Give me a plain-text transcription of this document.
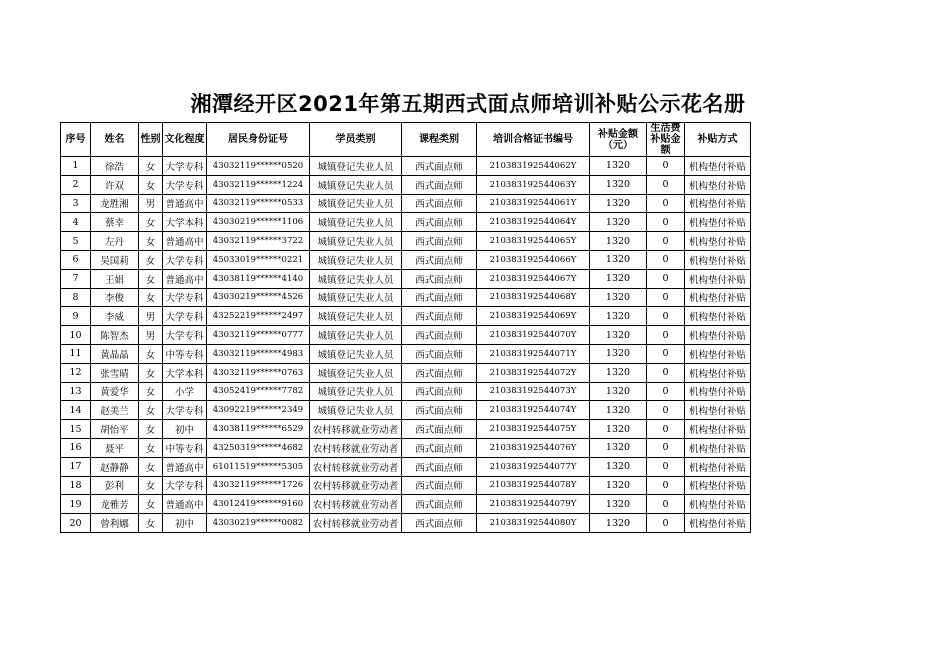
湘潭经开区2021年第五期西式面点师培训补贴公示花名册
序号	姓名	性别	文化程度	居民身份证号	学员类别	课程类别	培训合格证书编号	补贴金额（元）	生活费补贴金额	补贴方式
1	徐浩	女	大学专科	43032119******0520	城镇登记失业人员	西式面点师	210383192544062Y	1320	0	机构垫付补贴
2	许双	女	大学专科	43032119******1224	城镇登记失业人员	西式面点师	210383192544063Y	1320	0	机构垫付补贴
3	龙胜湘	男	普通高中	43032119******0533	城镇登记失业人员	西式面点师	210383192544061Y	1320	0	机构垫付补贴
4	蔡幸	女	大学本科	43030219******1106	城镇登记失业人员	西式面点师	210383192544064Y	1320	0	机构垫付补贴
5	左丹	女	普通高中	43032119******3722	城镇登记失业人员	西式面点师	210383192544065Y	1320	0	机构垫付补贴
6	吴国莉	女	大学专科	45033019******0221	城镇登记失业人员	西式面点师	210383192544066Y	1320	0	机构垫付补贴
7	王娟	女	普通高中	43038119******4140	城镇登记失业人员	西式面点师	210383192544067Y	1320	0	机构垫付补贴
8	李俊	女	大学专科	43030219******4526	城镇登记失业人员	西式面点师	210383192544068Y	1320	0	机构垫付补贴
9	李威	男	大学专科	43252219******2497	城镇登记失业人员	西式面点师	210383192544069Y	1320	0	机构垫付补贴
10	陈智杰	男	大学专科	43032119******0777	城镇登记失业人员	西式面点师	210383192544070Y	1320	0	机构垫付补贴
11	黄晶晶	女	中等专科	43032119******4983	城镇登记失业人员	西式面点师	210383192544071Y	1320	0	机构垫付补贴
12	张雪晴	女	大学本科	43032119******0763	城镇登记失业人员	西式面点师	210383192544072Y	1320	0	机构垫付补贴
13	黄爱华	女	小学	43052419******7782	城镇登记失业人员	西式面点师	210383192544073Y	1320	0	机构垫付补贴
14	赵美兰	女	大学专科	43092219******2349	城镇登记失业人员	西式面点师	210383192544074Y	1320	0	机构垫付补贴
15	胡怡平	女	初中	43038119******6529	农村转移就业劳动者	西式面点师	210383192544075Y	1320	0	机构垫付补贴
16	聂平	女	中等专科	43250319******4682	农村转移就业劳动者	西式面点师	210383192544076Y	1320	0	机构垫付补贴
17	赵静静	女	普通高中	61011519******5305	农村转移就业劳动者	西式面点师	210383192544077Y	1320	0	机构垫付补贴
18	彭利	女	大学专科	43032119******1726	农村转移就业劳动者	西式面点师	210383192544078Y	1320	0	机构垫付补贴
19	龙雅芳	女	普通高中	43012419******9160	农村转移就业劳动者	西式面点师	210383192544079Y	1320	0	机构垫付补贴
20	曾利娜	女	初中	43030219******0082	农村转移就业劳动者	西式面点师	210383192544080Y	1320	0	机构垫付补贴
